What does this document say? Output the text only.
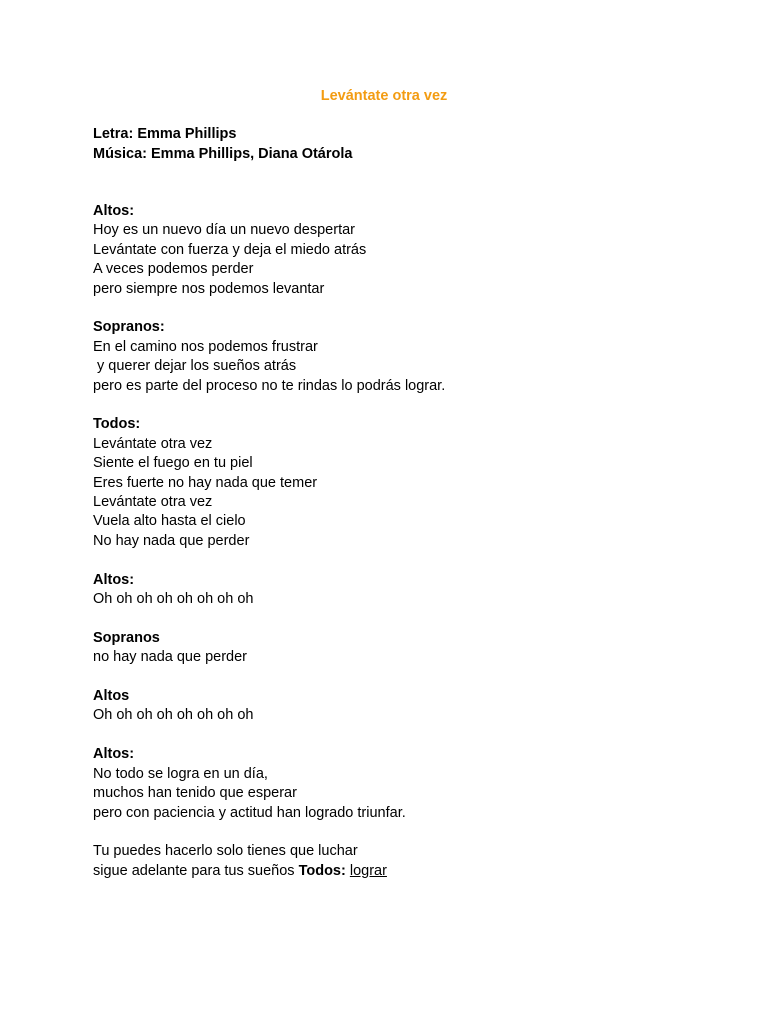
Levántate otra vez
Letra: Emma Phillips
Música: Emma Phillips, Diana Otárola
Altos:
Hoy es un nuevo día un nuevo despertar
Levántate con fuerza y deja el miedo atrás
A veces podemos perder
pero siempre nos podemos levantar
Sopranos:
En el camino nos podemos frustrar
y querer dejar los sueños atrás
pero es parte del proceso no te rindas lo podrás lograr.
Todos:
Levántate otra vez
Siente el fuego en tu piel
Eres fuerte no hay nada que temer
Levántate otra vez
Vuela alto hasta el cielo
No hay nada que perder
Altos:
Oh oh oh oh oh oh oh oh
Sopranos
no hay nada que perder
Altos
Oh oh oh oh oh oh oh oh
Altos:
No todo se logra en un día,
muchos han tenido que esperar
pero con paciencia y actitud han logrado triunfar.
Tu puedes hacerlo solo tienes que luchar
sigue adelante para tus sueños Todos: lograr
